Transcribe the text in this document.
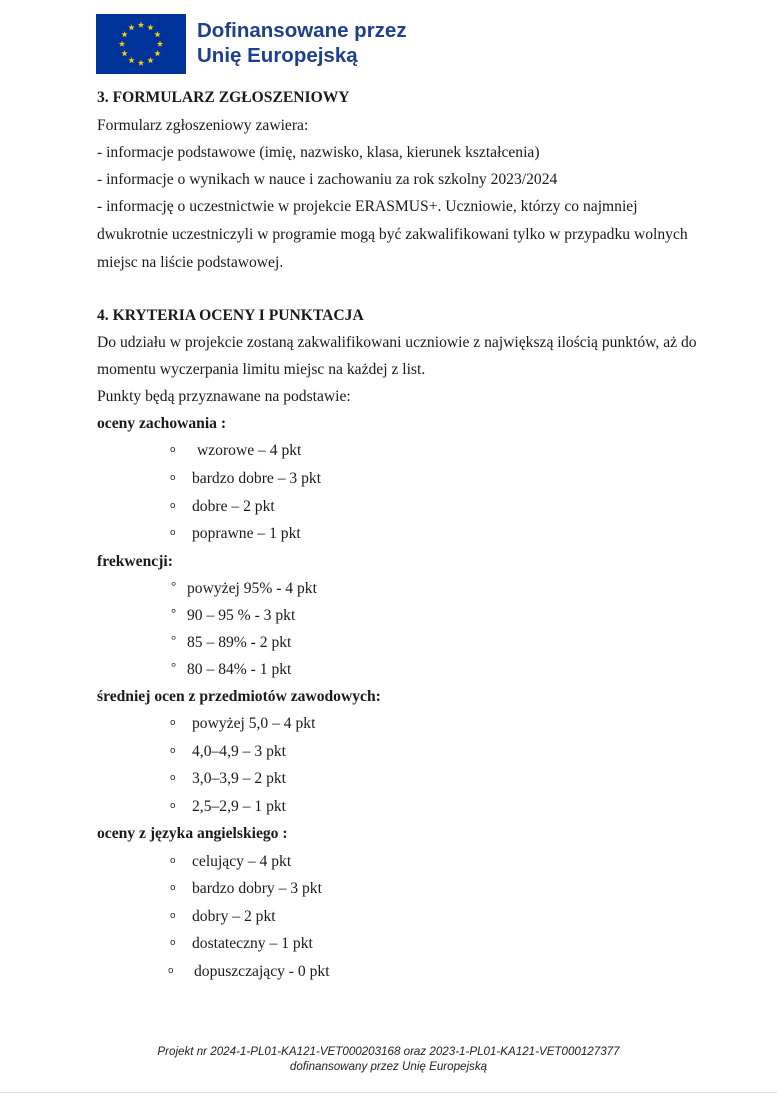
Dofinansowane przez
Unię Europejską
3. FORMULARZ ZGŁOSZENIOWY
Formularz zgłoszeniowy zawiera:
- informacje podstawowe (imię, nazwisko, klasa, kierunek kształcenia)
- informacje o wynikach w nauce i zachowaniu za rok szkolny 2023/2024
- informację o uczestnictwie w projekcie ERASMUS+. Uczniowie, którzy co najmniej
dwukrotnie uczestniczyli w programie mogą być zakwalifikowani tylko w przypadku wolnych
miejsc na liście podstawowej.
4. KRYTERIA OCENY I PUNKTACJA
Do udziału w projekcie zostaną zakwalifikowani uczniowie z największą ilością punktów, aż do
momentu wyczerpania limitu miejsc na każdej z list.
Punkty będą przyznawane na podstawie:
oceny zachowania :
o wzorowe – 4 pkt
o bardzo dobre – 3 pkt
o dobre – 2 pkt
o poprawne – 1 pkt
frekwencji:
° powyżej 95% - 4 pkt
° 90 – 95 % - 3 pkt
° 85 – 89% - 2 pkt
° 80 – 84% - 1 pkt
średniej ocen z przedmiotów zawodowych:
o powyżej 5,0 – 4 pkt
o 4,0–4,9 – 3 pkt
o 3,0–3,9 – 2 pkt
o 2,5–2,9 – 1 pkt
oceny z języka angielskiego :
o celujący – 4 pkt
o bardzo dobry – 3 pkt
o dobry – 2 pkt
o dostateczny – 1 pkt
o dopuszczający - 0 pkt
Projekt nr 2024-1-PL01-KA121-VET000203168 oraz 2023-1-PL01-KA121-VET000127377
dofinansowany przez Unię Europejską
